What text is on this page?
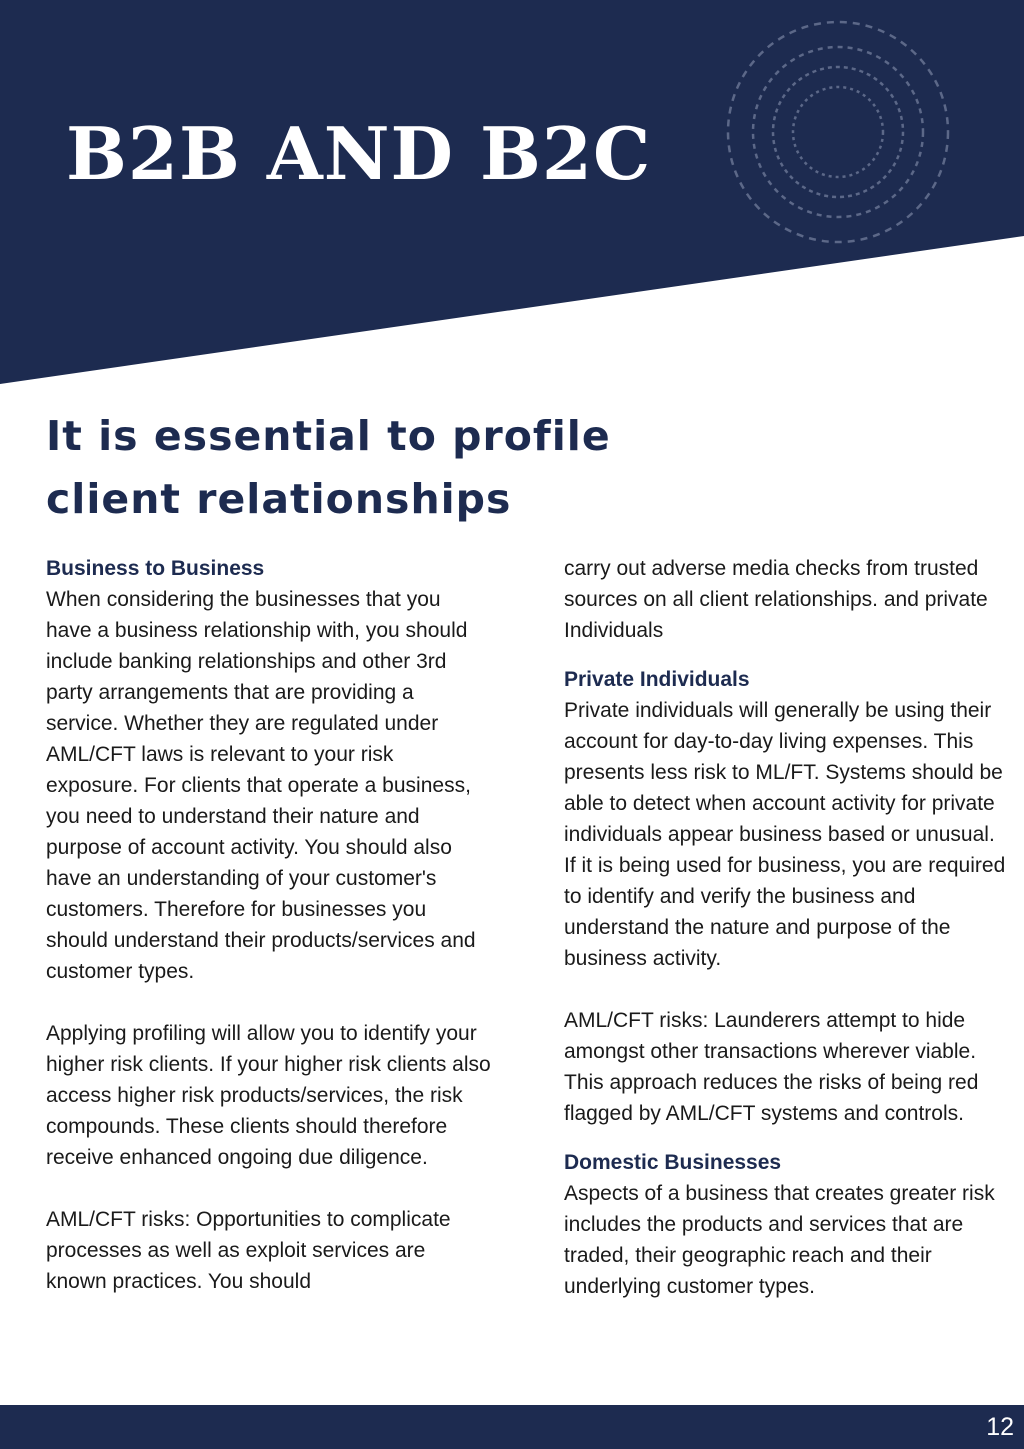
B2B AND B2C
It is essential to profile client relationships
Business to Business

When considering the businesses that you have a business relationship with, you should include banking relationships and other 3rd party arrangements that are providing a service. Whether they are regulated under AML/CFT laws is relevant to your risk exposure. For clients that operate a business, you need to understand their nature and purpose of account activity. You should also have an understanding of your customer's customers. Therefore for businesses you should understand their products/services and customer types.

Applying profiling will allow you to identify your higher risk clients. If your higher risk clients also access higher risk products/services, the risk compounds. These clients should therefore receive enhanced ongoing due diligence.

AML/CFT risks: Opportunities to complicate processes as well as exploit services are known practices. You should

carry out adverse media checks from trusted sources on all client relationships. and private Individuals

Private Individuals

Private individuals will generally be using their account for day-to-day living expenses. This presents less risk to ML/FT. Systems should be able to detect when account activity for private individuals appear business based or unusual. If it is being used for business, you are required to identify and verify the business and understand the nature and purpose of the business activity.

AML/CFT risks: Launderers attempt to hide amongst other transactions wherever viable. This approach reduces the risks of being red flagged by AML/CFT systems and controls.

Domestic Businesses

Aspects of a business that creates greater risk includes the products and services that are traded, their geographic reach and their underlying customer types.

12
